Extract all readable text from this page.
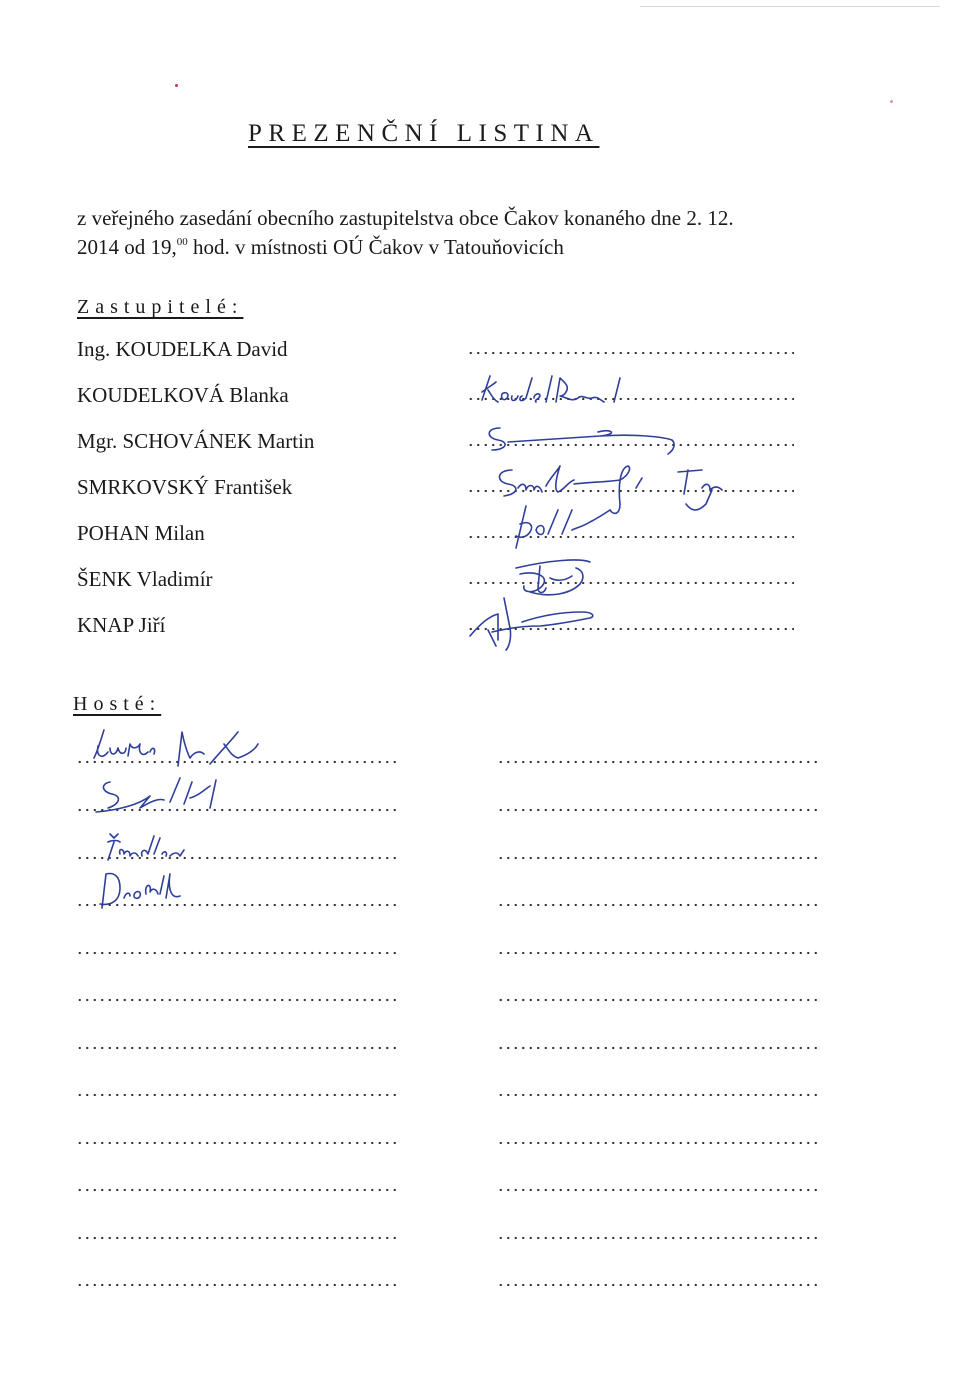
PREZENČNÍ LISTINA
z veřejného zasedání obecního zastupitelstva obce Čakov konaného dne 2. 12.
2014 od 19,00 hod. v místnosti OÚ Čakov v Tatouňovicích
Zastupitelé:
Ing. KOUDELKA David
KOUDELKOVÁ Blanka
Mgr. SCHOVÁNEK Martin
SMRKOVSKÝ František
POHAN Milan
ŠENK Vladimír
KNAP Jiří
Hosté:
